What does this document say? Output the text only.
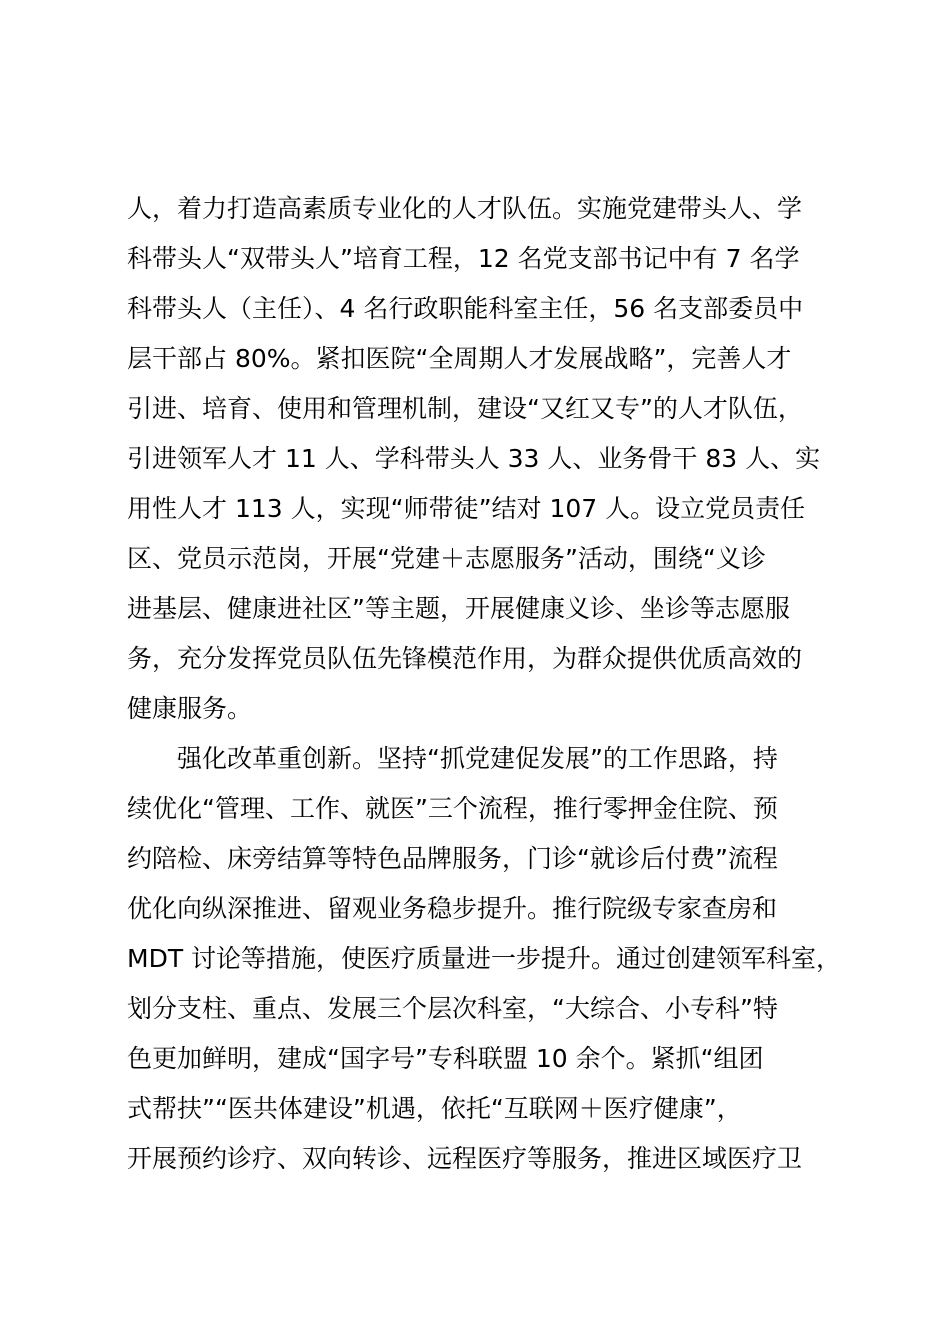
人，着力打造高素质专业化的人才队伍。实施党建带头人、学
科带头人“双带头人”培育工程，12 名党支部书记中有 7 名学
科带头人（主任）、4 名行政职能科室主任，56 名支部委员中
层干部占 80%。紧扣医院“全周期人才发展战略”，完善人才
引进、培育、使用和管理机制，建设“又红又专”的人才队伍，
引进领军人才 11 人、学科带头人 33 人、业务骨干 83 人、实
用性人才 113 人，实现“师带徒”结对 107 人。设立党员责任
区、党员示范岗，开展“党建＋志愿服务”活动，围绕“义诊
进基层、健康进社区”等主题，开展健康义诊、坐诊等志愿服
务，充分发挥党员队伍先锋模范作用，为群众提供优质高效的
健康服务。
强化改革重创新。坚持“抓党建促发展”的工作思路，持
续优化“管理、工作、就医”三个流程，推行零押金住院、预
约陪检、床旁结算等特色品牌服务，门诊“就诊后付费”流程
优化向纵深推进、留观业务稳步提升。推行院级专家查房和
MDT 讨论等措施，使医疗质量进一步提升。通过创建领军科室，
划分支柱、重点、发展三个层次科室，“大综合、小专科”特
色更加鲜明，建成“国字号”专科联盟 10 余个。紧抓“组团
式帮扶”“医共体建设”机遇，依托“互联网＋医疗健康”，
开展预约诊疗、双向转诊、远程医疗等服务，推进区域医疗卫
